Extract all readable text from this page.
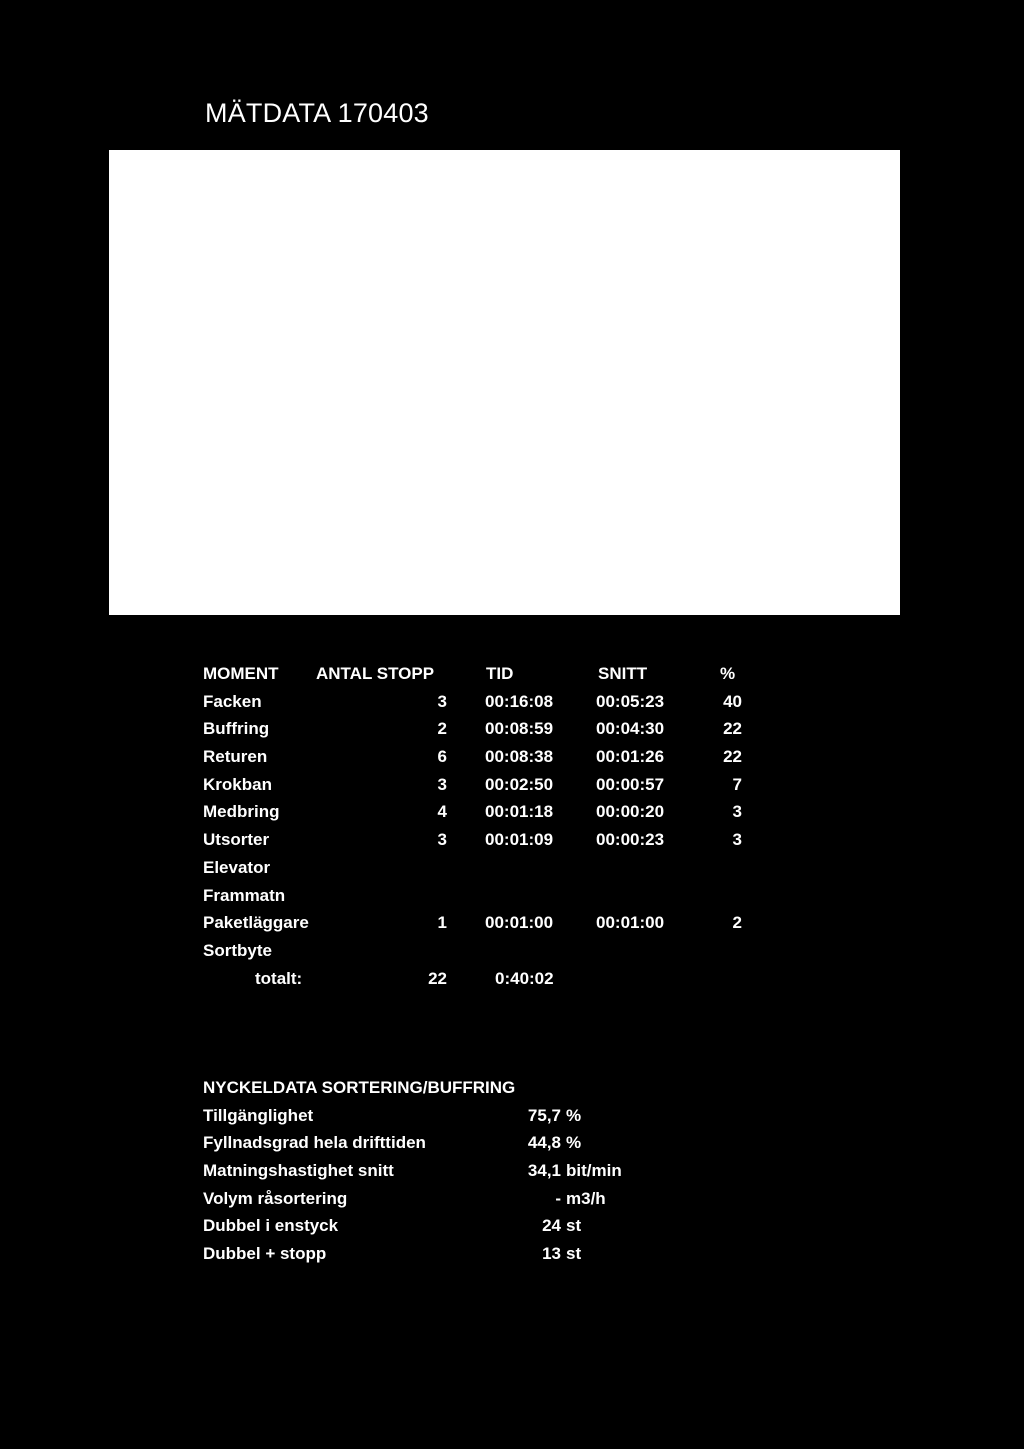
MÄTDATA 170403
MOMENT ANTAL STOPP	TID	SNITT	%
Facken	3 00:16:08	00:05:23	40
Buffring	2 00:08:59	00:04:30	22
Returen	6 00:08:38	00:01:26	22
Krokban	3 00:02:50	00:00:57	7
Medbring	4 00:01:18	00:00:20	3
Utsorter	3 00:01:09	00:00:23	3
Elevator
Frammatn
Paketläggare	1 00:01:00	00:01:00	2
Sortbyte
totalt:	22	0:40:02
NYCKELDATA SORTERING/BUFFRING
Tillgänglighet	75,7 %
Fyllnadsgrad hela drifttiden	44,8 %
Matningshastighet snitt	34,1 bit/min
Volym råsortering	- m3/h
Dubbel i enstyck	24 st
Dubbel + stopp	13 st
